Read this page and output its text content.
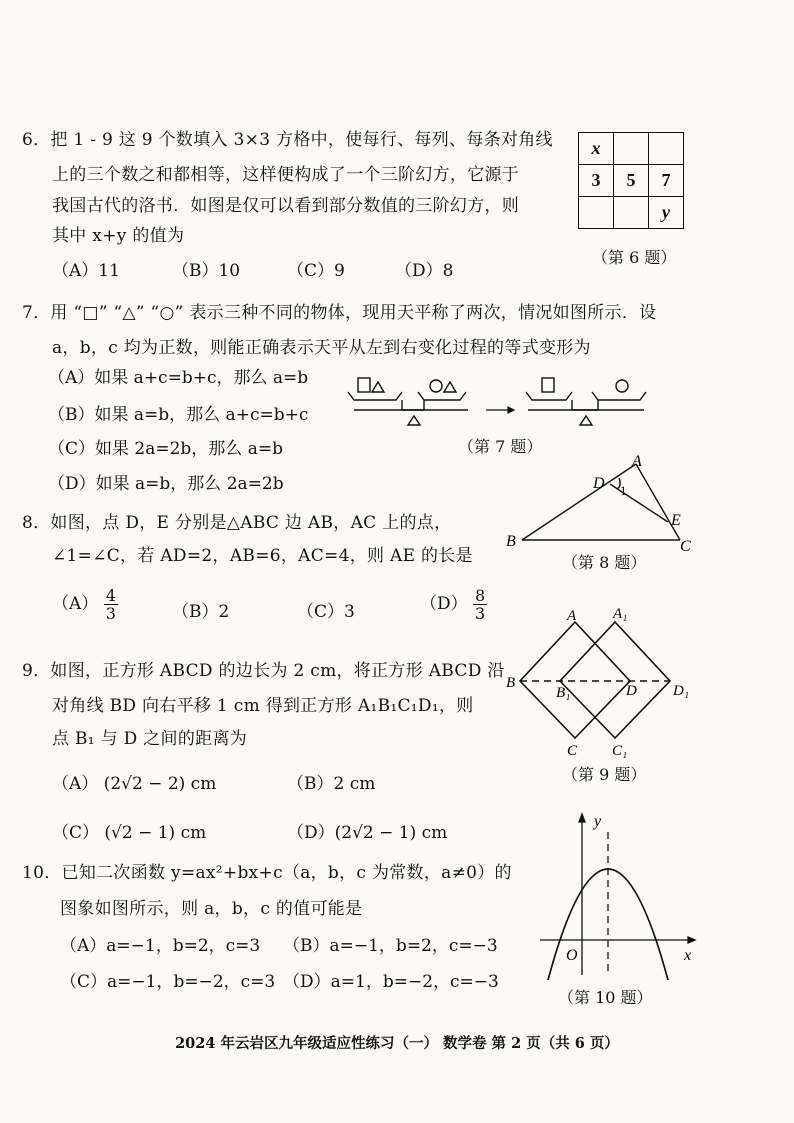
6．把 1 - 9 这 9 个数填入 3×3 方格中，使每行、每列、每条对角线
上的三个数之和都相等，这样便构成了一个三阶幻方，它源于
我国古代的洛书．如图是仅可以看到部分数值的三阶幻方，则
其中 x+y 的值为
（A）11	（B）10	（C）9	（D）8
x		
3	5	7
		y
（第 6 题）
7．用 “□” “△” “○” 表示三种不同的物体，现用天平称了两次，情况如图所示．设
a，b，c 均为正数，则能正确表示天平从左到右变化过程的等式变形为
（A）如果 a+c=b+c，那么 a=b
（B）如果 a=b，那么 a+c=b+c
（C）如果 2a=2b，那么 a=b
（D）如果 a=b，那么 2a=2b
（第 7 题）
8．如图，点 D，E 分别是△ABC 边 AB，AC 上的点，
∠1=∠C，若 AD=2，AB=6，AC=4，则 AE 的长是
$(A) \frac{4}{3}$	（B）2	（C）3	$(D) \frac{8}{3}$
A
B	C
D
E
1
（第 8 题）
9．如图，正方形 ABCD 的边长为 2 cm，将正方形 ABCD 沿
对角线 BD 向右平移 1 cm 得到正方形 A₁B₁C₁D₁，则
点 B₁ 与 D 之间的距离为
（A） (2√2 − 2) cm	（B）2 cm
（C） (√2 − 1) cm	（D）(2√2 − 1) cm
A A₁
B
B₁	D D₁
C C₁
（第 9 题）
10．已知二次函数 y=ax²+bx+c（a，b，c 为常数，a≠0）的
图象如图所示，则 a，b，c 的值可能是
（A）a=−1，b=2，c=3 （B）a=−1，b=2，c=−3
（C）a=−1，b=−2，c=3 （D）a=1，b=−2，c=−3
y
x
O
（第 10 题）
2024 年云岩区九年级适应性练习（一） 数学卷 第 2 页（共 6 页）
